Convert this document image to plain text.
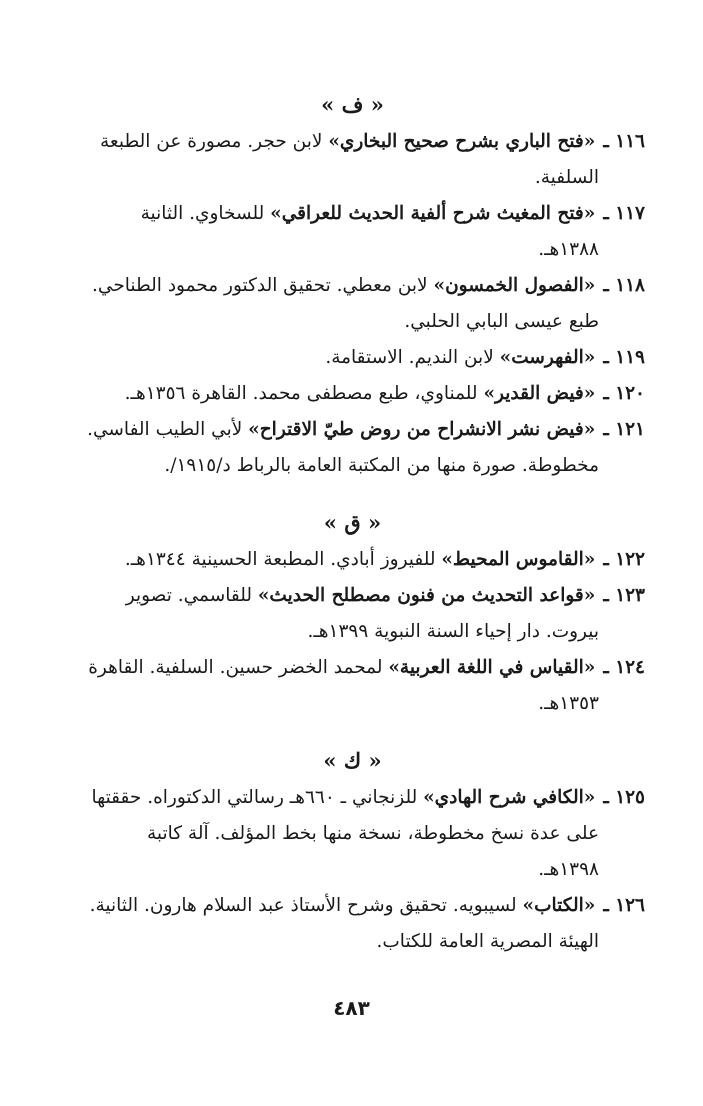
« ف »
١١٦ ـ«فتح الباري بشرح صحيح البخاري» لابن حجر. مصورة عن الطبعة
السلفية.
١١٧ ـ«فتح المغيث شرح ألفية الحديث للعراقي» للسخاوي. الثانية
١٣٨٨هـ.
١١٨ ـ«الفصول الخمسون» لابن معطي. تحقيق الدكتور محمود الطناحي.
طبع عيسى البابي الحلبي.
١١٩ ـ«الفهرست» لابن النديم. الاستقامة.
١٢٠ ـ«فيض القدير» للمناوي، طبع مصطفى محمد. القاهرة ١٣٥٦هـ.
١٢١ ـ«فيض نشر الانشراح من روض طيّ الاقتراح» لأبي الطيب الفاسي.
مخطوطة. صورة منها من المكتبة العامة بالرباط د/١٩١٥/.
« ق »
١٢٢ ـ«القاموس المحيط» للفيروز أبادي. المطبعة الحسينية ١٣٤٤هـ.
١٢٣ ـ«قواعد التحديث من فنون مصطلح الحديث» للقاسمي. تصوير
بيروت. دار إحياء السنة النبوية ١٣٩٩هـ.
١٢٤ ـ«القياس في اللغة العربية» لمحمد الخضر حسين. السلفية. القاهرة
١٣٥٣هـ.
« ك »
١٢٥ ـ«الكافي شرح الهادي» للزنجاني ـ ٦٦٠هـ رسالتي الدكتوراه. حققتها
على عدة نسخ مخطوطة، نسخة منها بخط المؤلف. آلة كاتبة
١٣٩٨هـ.
١٢٦ ـ«الكتاب» لسيبويه. تحقيق وشرح الأستاذ عبد السلام هارون. الثانية.
الهيئة المصرية العامة للكتاب.
٤٨٣
